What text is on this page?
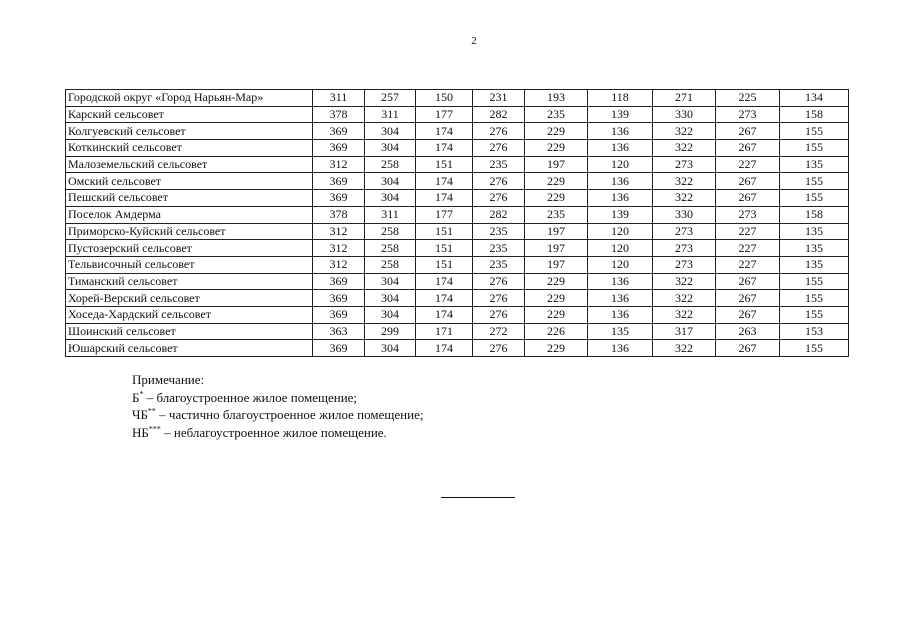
2
Городской округ «Город Нарьян-Мар»	311	257	150	231	193	118	271	225	134
Карский сельсовет	378	311	177	282	235	139	330	273	158
Колгуевский сельсовет	369	304	174	276	229	136	322	267	155
Коткинский сельсовет	369	304	174	276	229	136	322	267	155
Малоземельский сельсовет	312	258	151	235	197	120	273	227	135
Омский сельсовет	369	304	174	276	229	136	322	267	155
Пешский сельсовет	369	304	174	276	229	136	322	267	155
Поселок Амдерма	378	311	177	282	235	139	330	273	158
Приморско-Куйский сельсовет	312	258	151	235	197	120	273	227	135
Пустозерский сельсовет	312	258	151	235	197	120	273	227	135
Тельвисочный сельсовет	312	258	151	235	197	120	273	227	135
Тиманский сельсовет	369	304	174	276	229	136	322	267	155
Хорей-Верский сельсовет	369	304	174	276	229	136	322	267	155
Хоседа-Хардский сельсовет	369	304	174	276	229	136	322	267	155
Шоинский сельсовет	363	299	171	272	226	135	317	263	153
Юшарский сельсовет	369	304	174	276	229	136	322	267	155
Примечание:
Б* – благоустроенное жилое помещение;
ЧБ** – частично благоустроенное жилое помещение;
НБ*** – неблагоустроенное жилое помещение.
